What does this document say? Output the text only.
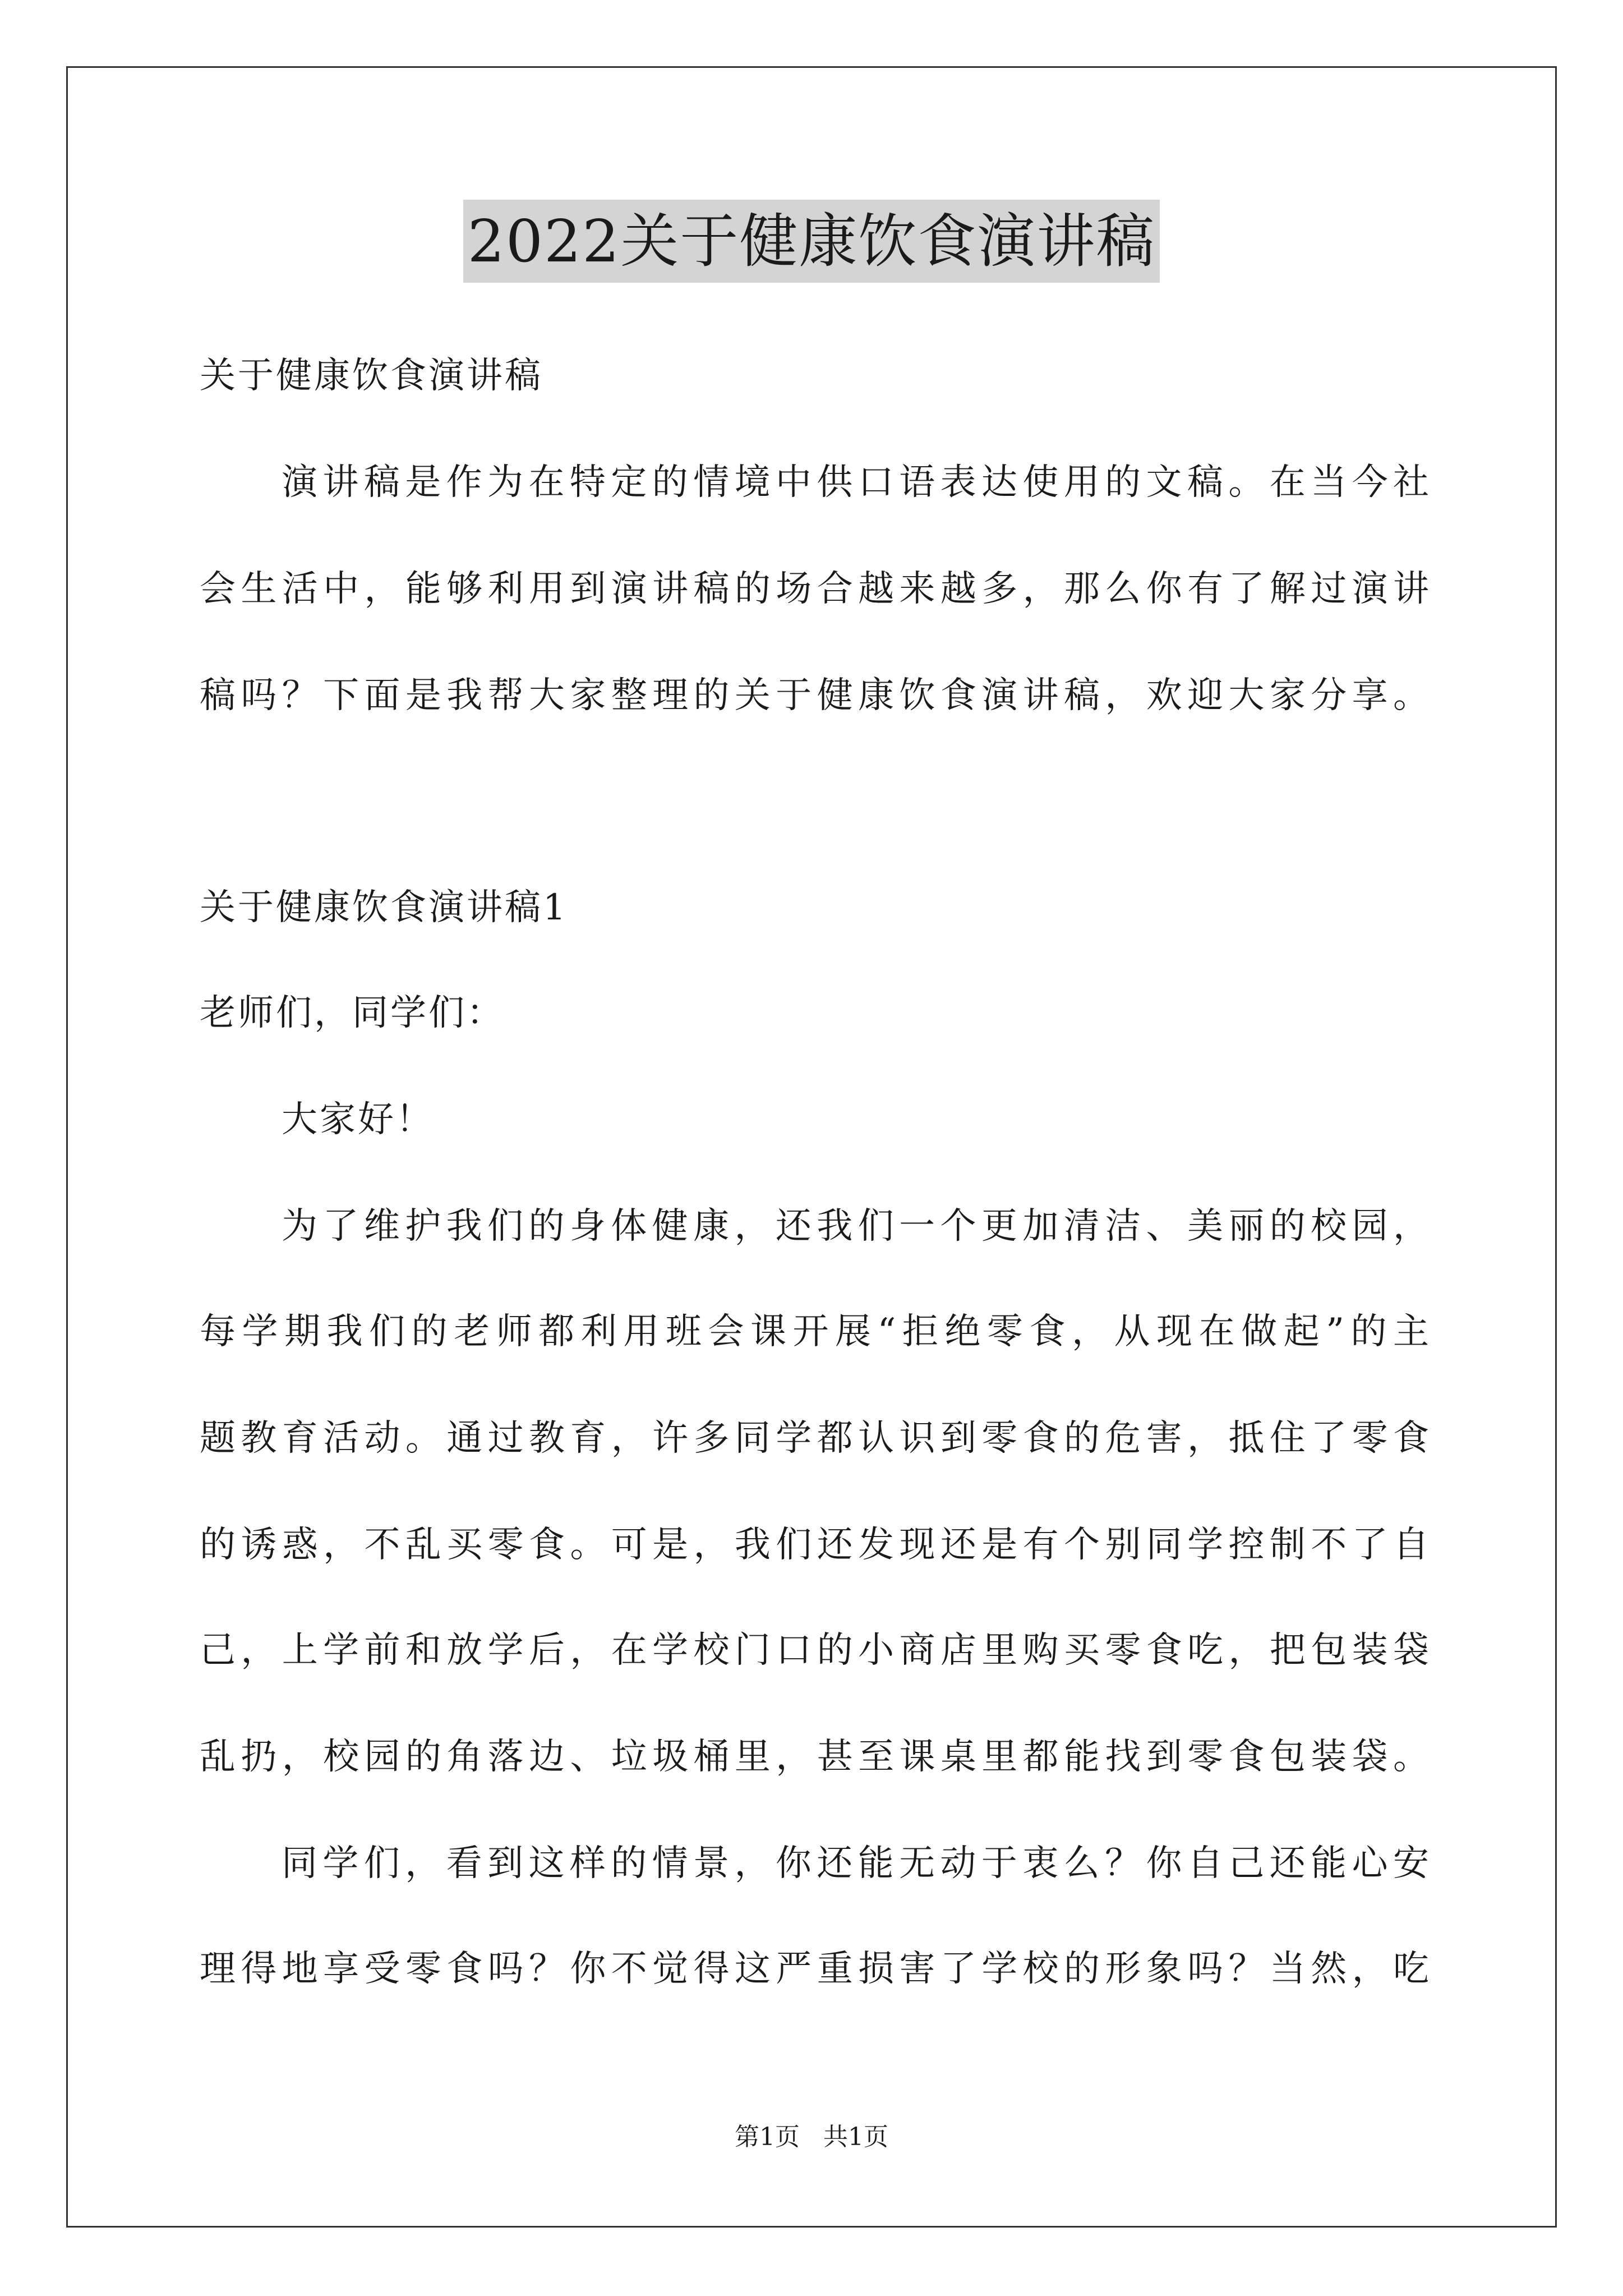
2022关于健康饮食演讲稿
关于健康饮食演讲稿
演讲稿是作为在特定的情境中供口语表达使用的文稿。在当今社
会生活中，能够利用到演讲稿的场合越来越多，那么你有了解过演讲
稿吗？下面是我帮大家整理的关于健康饮食演讲稿，欢迎大家分享。
关于健康饮食演讲稿1
老师们，同学们：
大家好！
为了维护我们的身体健康，还我们一个更加清洁、美丽的校园，
每学期我们的老师都利用班会课开展“拒绝零食，从现在做起”的主
题教育活动。通过教育，许多同学都认识到零食的危害，抵住了零食
的诱惑，不乱买零食。可是，我们还发现还是有个别同学控制不了自
己，上学前和放学后，在学校门口的小商店里购买零食吃，把包装袋
乱扔，校园的角落边、垃圾桶里，甚至课桌里都能找到零食包装袋。
同学们，看到这样的情景，你还能无动于衷么？你自己还能心安
理得地享受零食吗？你不觉得这严重损害了学校的形象吗？当然，吃
第1页   共1页
